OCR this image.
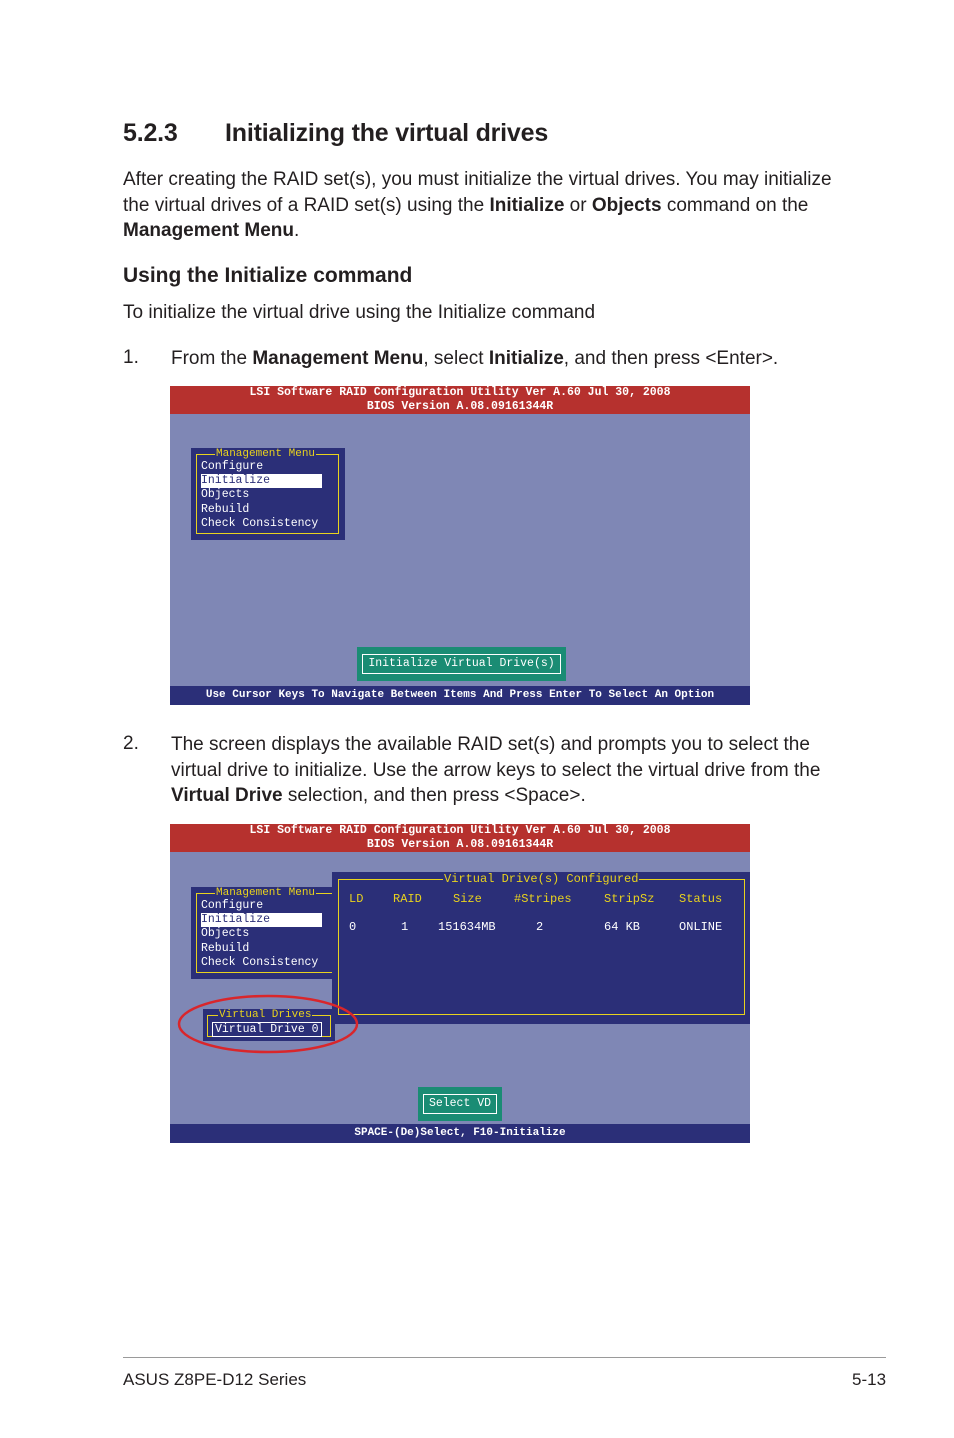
5.2.3 Initializing the virtual drives

After creating the RAID set(s), you must initialize the virtual drives. You may initialize the virtual drives of a RAID set(s) using the Initialize or Objects command on the Management Menu.

Using the Initialize command

To initialize the virtual drive using the Initialize command

1. From the Management Menu, select Initialize, and then press <Enter>.

LSI Software RAID Configuration Utility Ver A.60 Jul 30, 2008
BIOS Version A.08.09161344R
Management Menu
Configure
Initialize
Objects
Rebuild
Check Consistency
Initialize Virtual Drive(s)
Use Cursor Keys To Navigate Between Items And Press Enter To Select An Option
2. The screen displays the available RAID set(s) and prompts you to select the virtual drive to initialize. Use the arrow keys to select the virtual drive from the Virtual Drive selection, and then press <Space>.

LSI Software RAID Configuration Utility Ver A.60 Jul 30, 2008
BIOS Version A.08.09161344R
Management Menu
Configure
Initialize
Objects
Rebuild
Check Consistency
Virtual Drive(s) Configured
LD RAID	Size	#Stripes	StripSz Status
0	1 151634MB	2	64 KB	ONLINE
Virtual Drives
Virtual Drive 0
Select VD
SPACE-(De)Select, F10-Initialize
ASUS Z8PE-D12 Series	5-13
